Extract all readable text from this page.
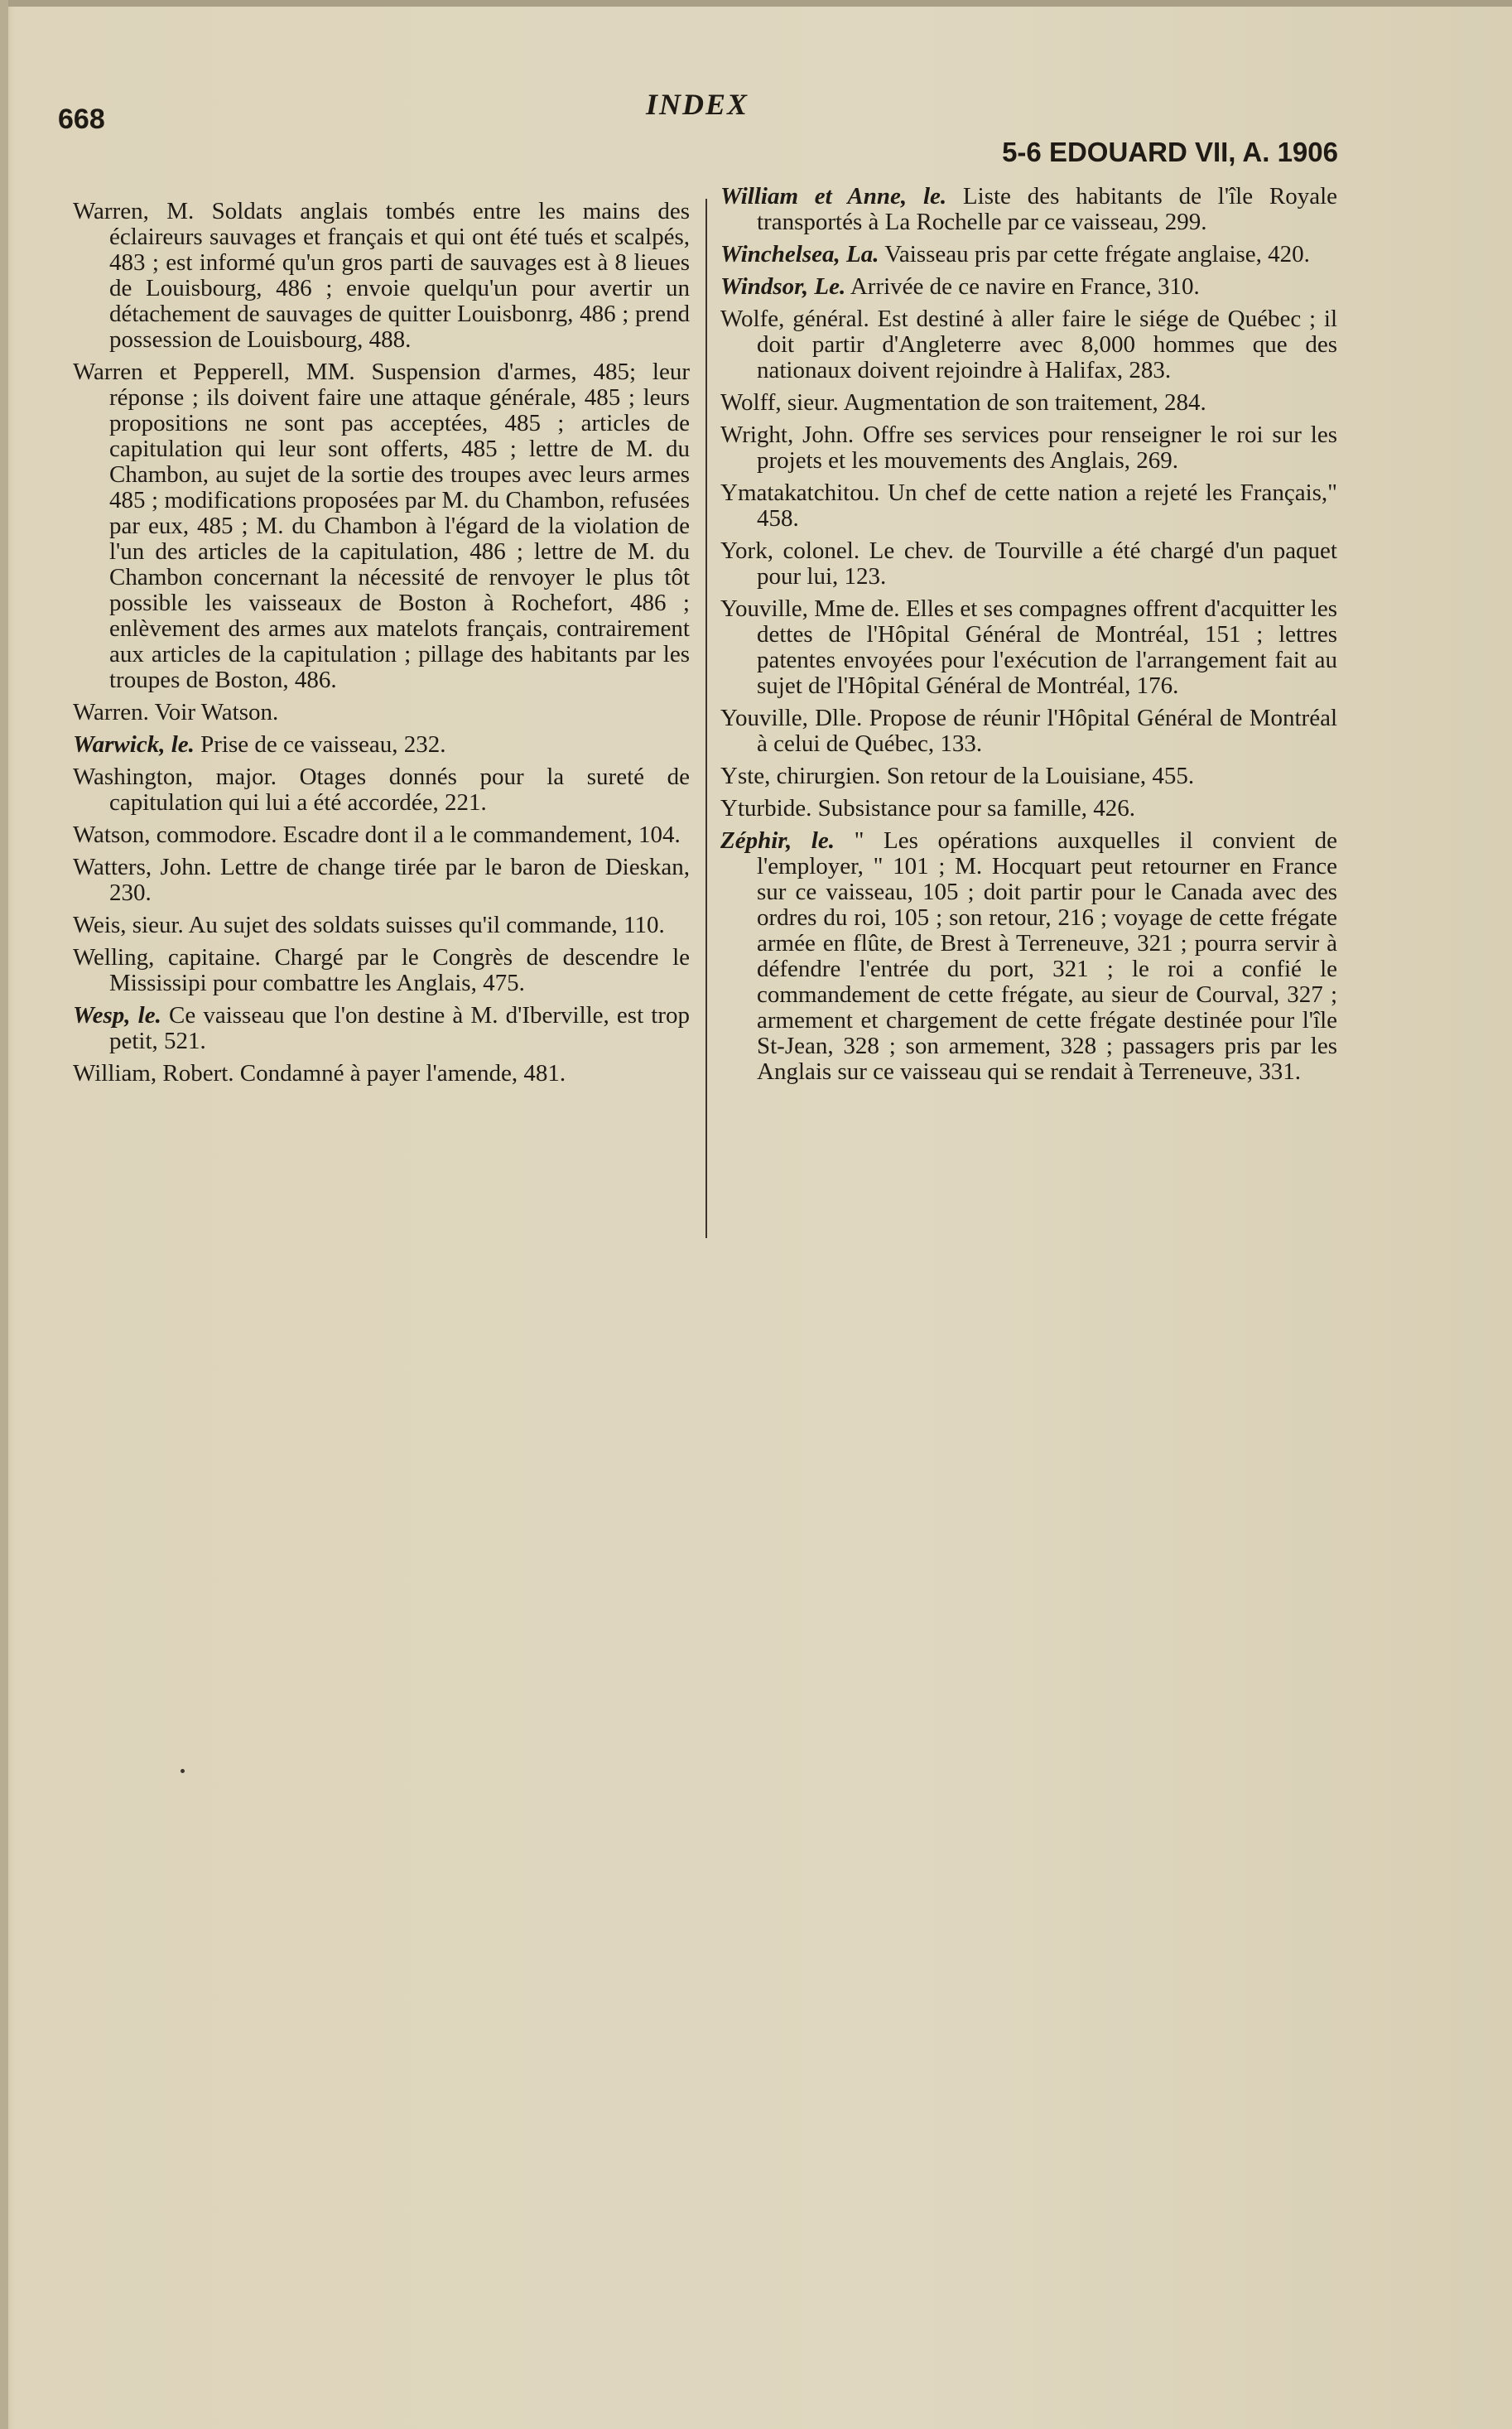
668	INDEX
5-6 EDOUARD VII, A. 1906

Warren, M. Soldats anglais tombés entre les mains des éclaireurs sauvages et français et qui ont été tués et scalpés, 483 ; est informé qu'un gros parti de sauvages est à 8 lieues de Louisbourg, 486 ; envoie quelqu'un pour avertir un détachement de sauvages de quitter Louisbonrg, 486 ; prend possession de Louisbourg, 488.

Warren et Pepperell, MM. Suspension d'armes, 485; leur réponse ; ils doivent faire une attaque générale, 485 ; leurs propositions ne sont pas acceptées, 485 ; articles de capitulation qui leur sont offerts, 485 ; lettre de M. du Chambon, au sujet de la sortie des troupes avec leurs armes 485 ; modifications proposées par M. du Chambon, refusées par eux, 485 ; M. du Chambon à l'égard de la violation de l'un des articles de la capitulation, 486 ; lettre de M. du Chambon concernant la nécessité de renvoyer le plus tôt possible les vaisseaux de Boston à Rochefort, 486 ; enlèvement des armes aux matelots français, contrairement aux articles de la capitulation ; pillage des habitants par les troupes de Boston, 486.

Warren. Voir Watson.

Warwick, le. Prise de ce vaisseau, 232.

Washington, major. Otages donnés pour la sureté de capitulation qui lui a été accordée, 221.

Watson, commodore. Escadre dont il a le commandement, 104.

Watters, John. Lettre de change tirée par le baron de Dieskan, 230.

Weis, sieur. Au sujet des soldats suisses qu'il commande, 110.

Welling, capitaine. Chargé par le Congrès de descendre le Mississipi pour combattre les Anglais, 475.

Wesp, le. Ce vaisseau que l'on destine à M. d'Iberville, est trop petit, 521.

William, Robert. Condamné à payer l'amende, 481.

William et Anne, le. Liste des habitants de l'île Royale transportés à La Rochelle par ce vaisseau, 299.

Winchelsea, La. Vaisseau pris par cette frégate anglaise, 420.

Windsor, Le. Arrivée de ce navire en France, 310.

Wolfe, général. Est destiné à aller faire le siége de Québec ; il doit partir d'Angleterre avec 8,000 hommes que des nationaux doivent rejoindre à Halifax, 283.

Wolff, sieur. Augmentation de son traitement, 284.

Wright, John. Offre ses services pour renseigner le roi sur les projets et les mouvements des Anglais, 269.

Ymatakatchitou. Un chef de cette nation a rejeté les Français," 458.

York, colonel. Le chev. de Tourville a été chargé d'un paquet pour lui, 123.

Youville, Mme de. Elles et ses compagnes offrent d'acquitter les dettes de l'Hôpital Général de Montréal, 151 ; lettres patentes envoyées pour l'exécution de l'arrangement fait au sujet de l'Hôpital Général de Montréal, 176.

Youville, Dlle. Propose de réunir l'Hôpital Général de Montréal à celui de Québec, 133.

Yste, chirurgien. Son retour de la Louisiane, 455.

Yturbide. Subsistance pour sa famille, 426.

Zéphir, le. " Les opérations auxquelles il convient de l'employer, " 101 ; M. Hocquart peut retourner en France sur ce vaisseau, 105 ; doit partir pour le Canada avec des ordres du roi, 105 ; son retour, 216 ; voyage de cette frégate armée en flûte, de Brest à Terreneuve, 321 ; pourra servir à défendre l'entrée du port, 321 ; le roi a confié le commandement de cette frégate, au sieur de Courval, 327 ; armement et chargement de cette frégate destinée pour l'île St-Jean, 328 ; son armement, 328 ; passagers pris par les Anglais sur ce vaisseau qui se rendait à Terreneuve, 331.
